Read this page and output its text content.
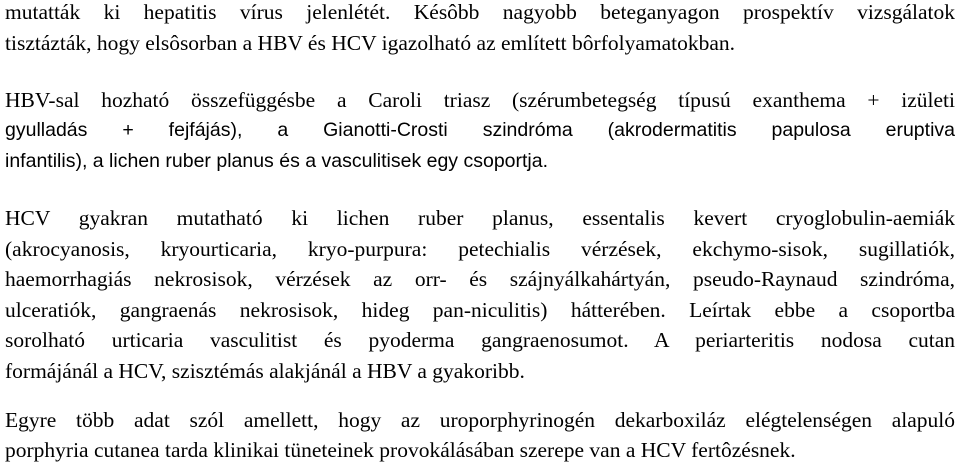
mutatták ki hepatitis vírus jelenlétét. Késôbb nagyobb beteganyagon prospektív vizsgálatok
tisztázták, hogy elsôsorban a HBV és HCV igazolható az említett bôrfolyamatokban.
HBV-sal hozható összefüggésbe a Caroli triasz (szérumbetegség típusú exanthema + izületi
gyulladás + fejfájás), a Gianotti-Crosti szindróma (akrodermatitis papulosa eruptiva
infantilis), a lichen ruber planus és a vasculitisek egy csoportja.
HCV gyakran mutatható ki lichen ruber planus, essentalis kevert cryoglobulin-aemiák
(akrocyanosis, kryourticaria, kryo-purpura: petechialis vérzések, ekchymo-sisok, sugillatiók,
haemorrhagiás nekrosisok, vérzések az orr- és szájnyálkahártyán, pseudo-Raynaud szindróma,
ulceratiók, gangraenás nekrosisok, hideg pan-niculitis) hátterében. Leírtak ebbe a csoportba
sorolható urticaria vasculitist és pyoderma gangraenosumot. A periarteritis nodosa cutan
formájánál a HCV, szisztémás alakjánál a HBV a gyakoribb.
Egyre több adat szól amellett, hogy az uroporphyrinogén dekarboxiláz elégtelenségen alapuló
porphyria cutanea tarda klinikai tüneteinek provokálásában szerepe van a HCV fertôzésnek.
